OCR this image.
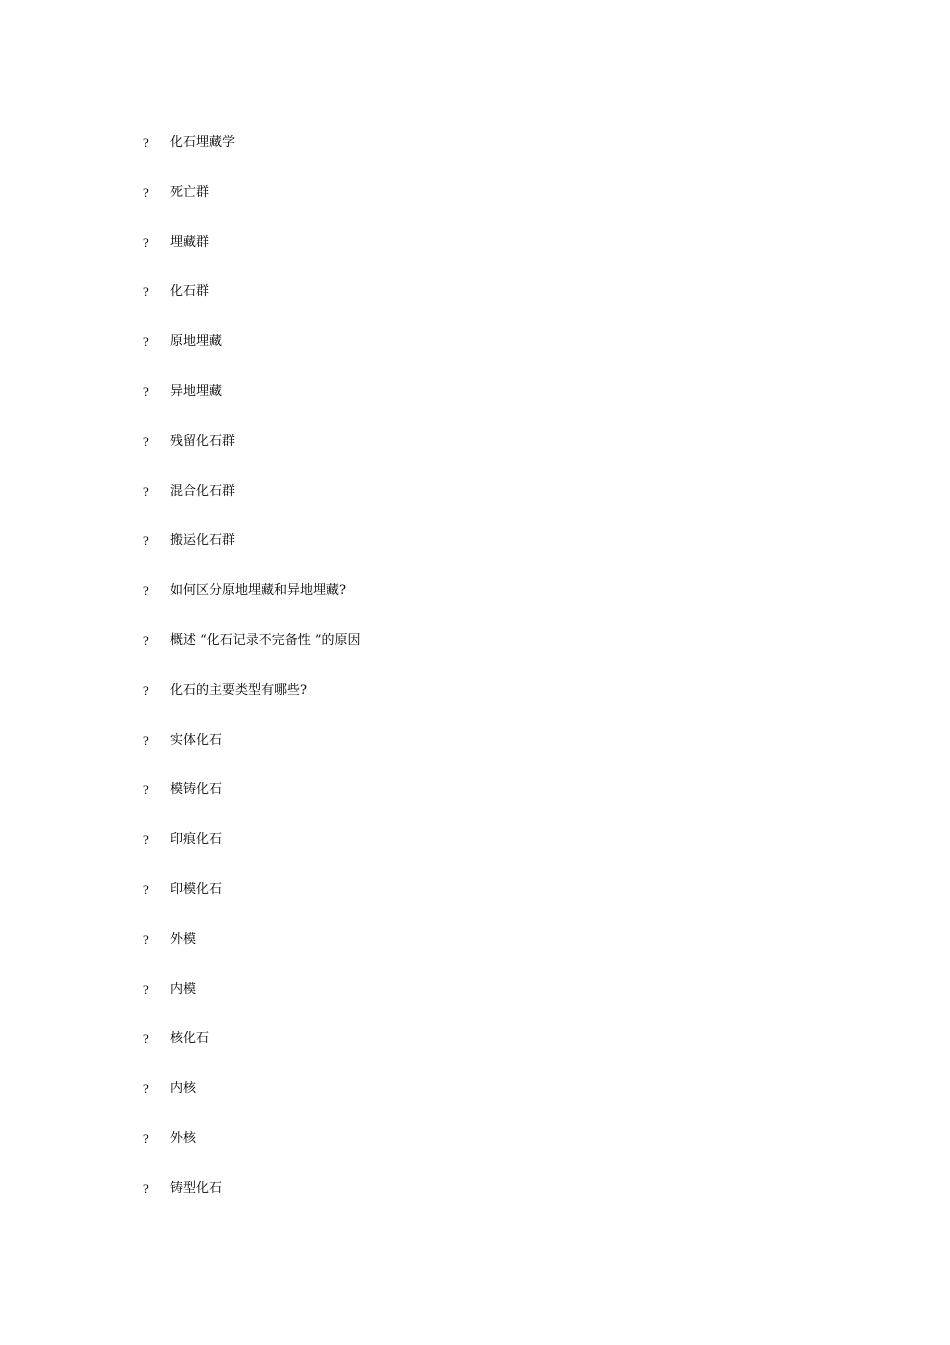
?	化石埋藏学
?	死亡群
?	埋藏群
?	化石群
?	原地埋藏
?	异地埋藏
?	残留化石群
?	混合化石群
?	搬运化石群
?	如何区分原地埋藏和异地埋藏?
?	概述 “化石记录不完备性 ”的原因
?	化石的主要类型有哪些?
?	实体化石
?	模铸化石
?	印痕化石
?	印模化石
?	外模
?	内模
?	核化石
?	内核
?	外核
?	铸型化石
